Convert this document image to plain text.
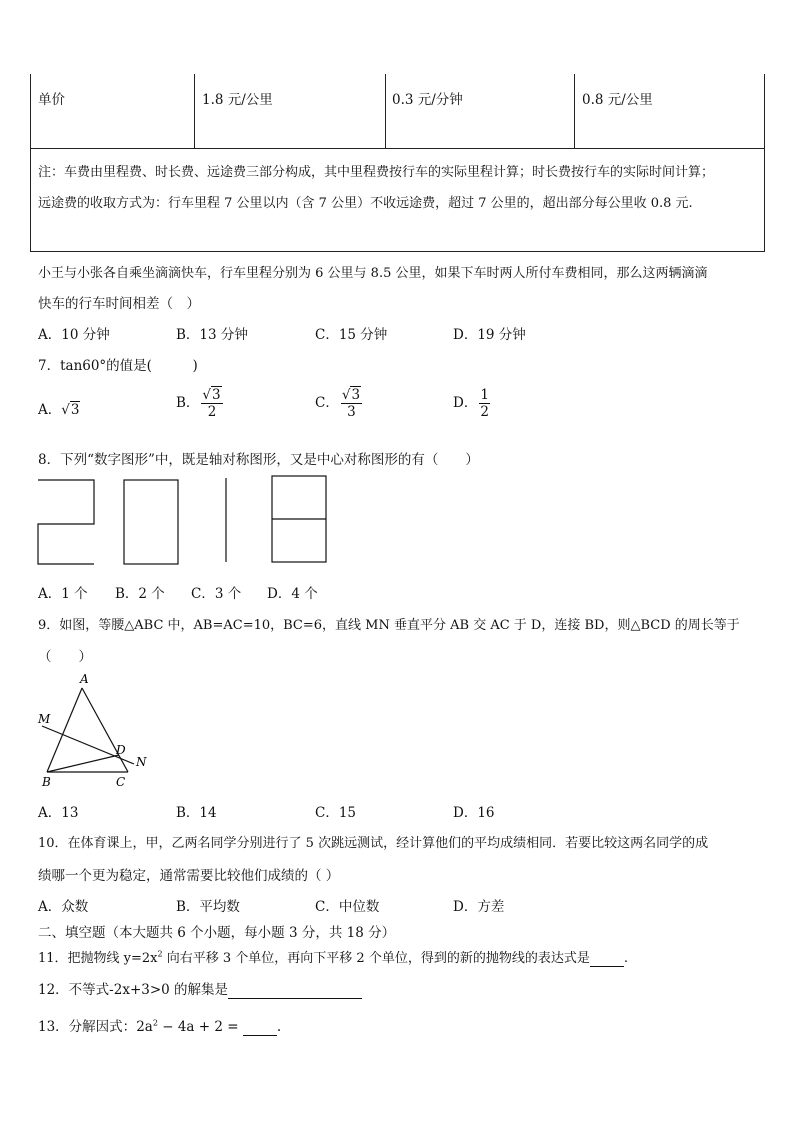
单价	1.8 元/公里	0.3 元/分钟	0.8 元/公里
注：车费由里程费、时长费、远途费三部分构成，其中里程费按行车的实际里程计算；时长费按行车的实际时间计算；
远途费的收取方式为：行车里程 7 公里以内（含 7 公里）不收远途费，超过 7 公里的，超出部分每公里收 0.8 元.
小王与小张各自乘坐滴滴快车，行车里程分别为 6 公里与 8.5 公里，如果下车时两人所付车费相同，那么这两辆滴滴
快车的行车时间相差（　）
A．10 分钟	B．13 分钟	C．15 分钟	D．19 分钟
7．tan60°的值是(　　　)
A．√3	B． $\frac{√3}{2}$	C． $\frac{√3}{3}$	D． $\frac{1}{2}$
8．下列“数字图形”中，既是轴对称图形，又是中心对称图形的有（　　）
A．1 个 B．2 个 C．3 个 D．4 个
9．如图，等腰△ABC 中，AB=AC=10，BC=6，直线 MN 垂直平分 AB 交 AC 于 D，连接 BD，则△BCD 的周长等于
（　　）
A
M
D
N
B	C
A．13	B．14	C．15	D．16
10．在体育课上，甲，乙两名同学分别进行了 5 次跳远测试，经计算他们的平均成绩相同．若要比较这两名同学的成
绩哪一个更为稳定，通常需要比较他们成绩的（ ）
A．众数	B．平均数	C．中位数	D．方差
二、填空题（本大题共 6 个小题，每小题 3 分，共 18 分）
11．把抛物线 $y=2x^2$ 向右平移 3 个单位，再向下平移 2 个单位，得到的新的抛物线的表达式是	.
12．不等式-2x+3>0 的解集是
13．分解因式：$2a^2 - 4a + 2$ =	.
